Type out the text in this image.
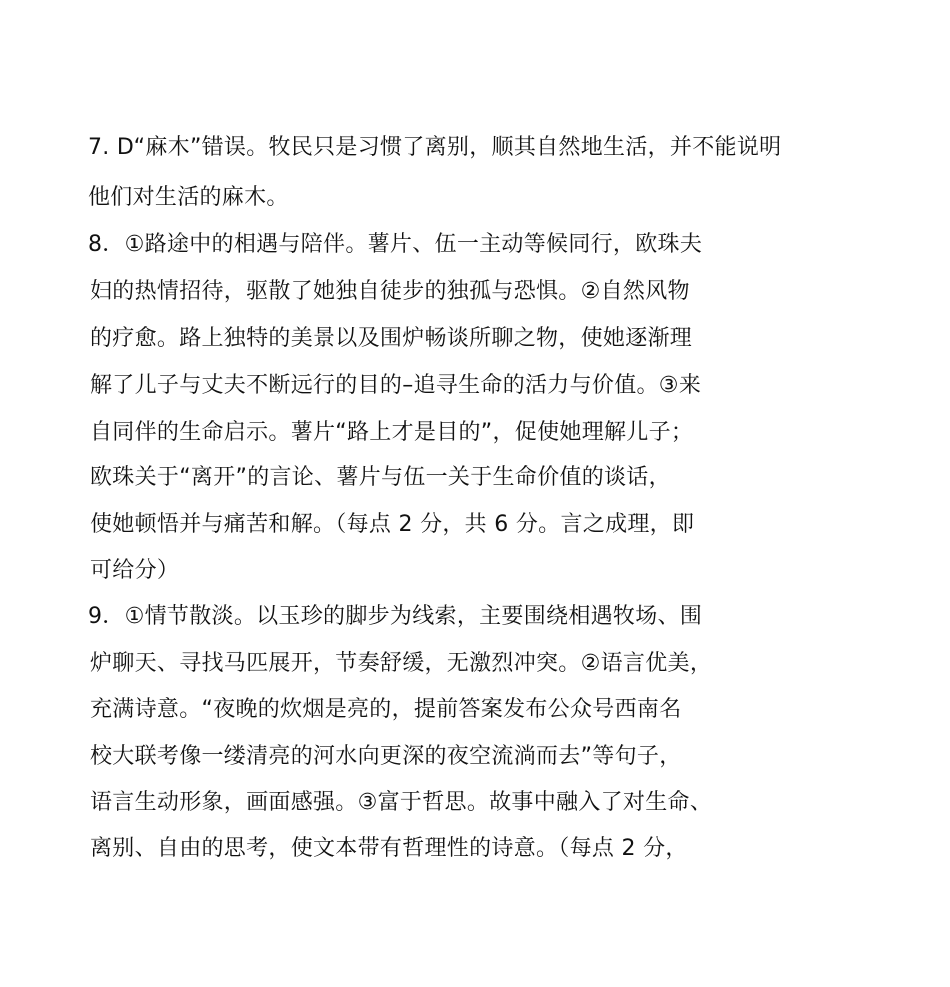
7. D“麻木”错误。牧民只是习惯了离别，顺其自然地生活，并不能说明
他们对生活的麻木。
8．①路途中的相遇与陪伴。薯片、伍一主动等候同行，欧珠夫
妇的热情招待，驱散了她独自徒步的独孤与恐惧。②自然风物
的疗愈。路上独特的美景以及围炉畅谈所聊之物，使她逐渐理
解了儿子与丈夫不断远行的目的–追寻生命的活力与价值。③来
自同伴的生命启示。薯片“路上才是目的”，促使她理解儿子；
欧珠关于“离开”的言论、薯片与伍一关于生命价值的谈话，
使她顿悟并与痛苦和解。（每点 2 分，共 6 分。言之成理，即
可给分）
9．①情节散淡。以玉珍的脚步为线索，主要围绕相遇牧场、围
炉聊天、寻找马匹展开，节奏舒缓，无激烈冲突。②语言优美，
充满诗意。“夜晚的炊烟是亮的，提前答案发布公众号西南名
校大联考像一缕清亮的河水向更深的夜空流淌而去”等句子，
语言生动形象，画面感强。③富于哲思。故事中融入了对生命、
离别、自由的思考，使文本带有哲理性的诗意。（每点 2 分，
